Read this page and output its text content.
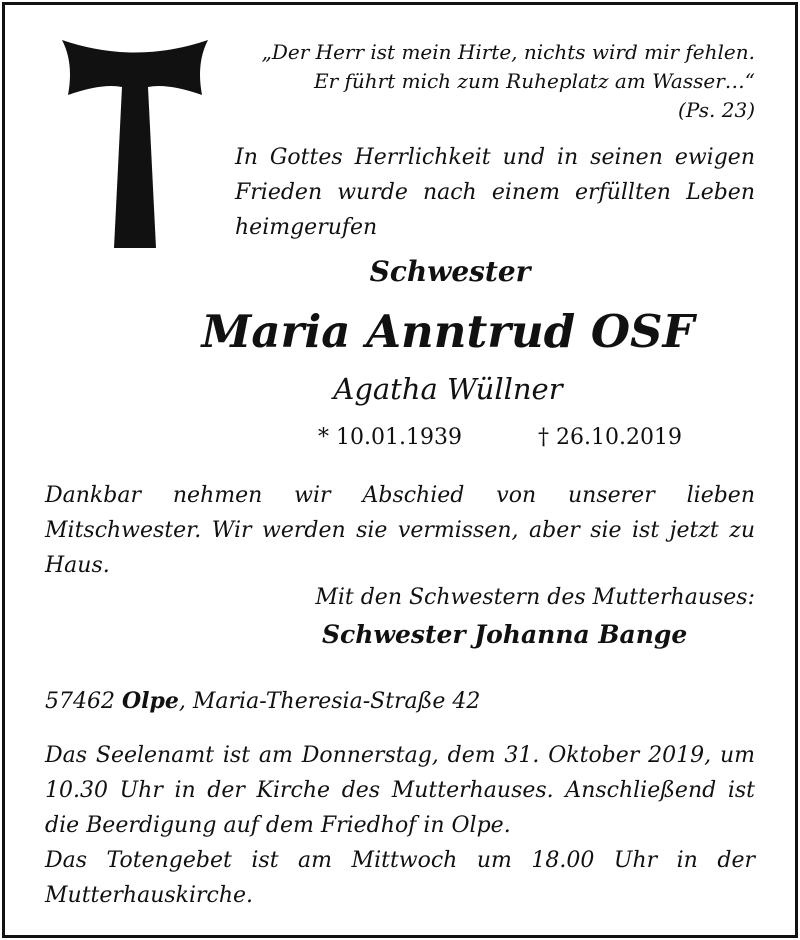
„Der Herr ist mein Hirte, nichts wird mir fehlen.
Er führt mich zum Ruheplatz am Wasser…“
(Ps. 23)
In Gottes Herrlichkeit und in seinen ewigen Frieden wurde nach einem erfüllten Leben heimgerufen
Schwester
Maria Anntrud OSF
Agatha Wüllner
* 10.01.1939	† 26.10.2019
Dankbar nehmen wir Abschied von unserer lieben Mitschwester. Wir werden sie vermissen, aber sie ist jetzt zu Haus.
Mit den Schwestern des Mutterhauses:
Schwester Johanna Bange
57462 Olpe, Maria-Theresia-Straße 42
Das Seelenamt ist am Donnerstag, dem 31. Oktober 2019, um 10.30 Uhr in der Kirche des Mutterhauses. Anschließend ist die Beerdigung auf dem Friedhof in Olpe.
Das Totengebet ist am Mittwoch um 18.00 Uhr in der Mutterhauskirche.
